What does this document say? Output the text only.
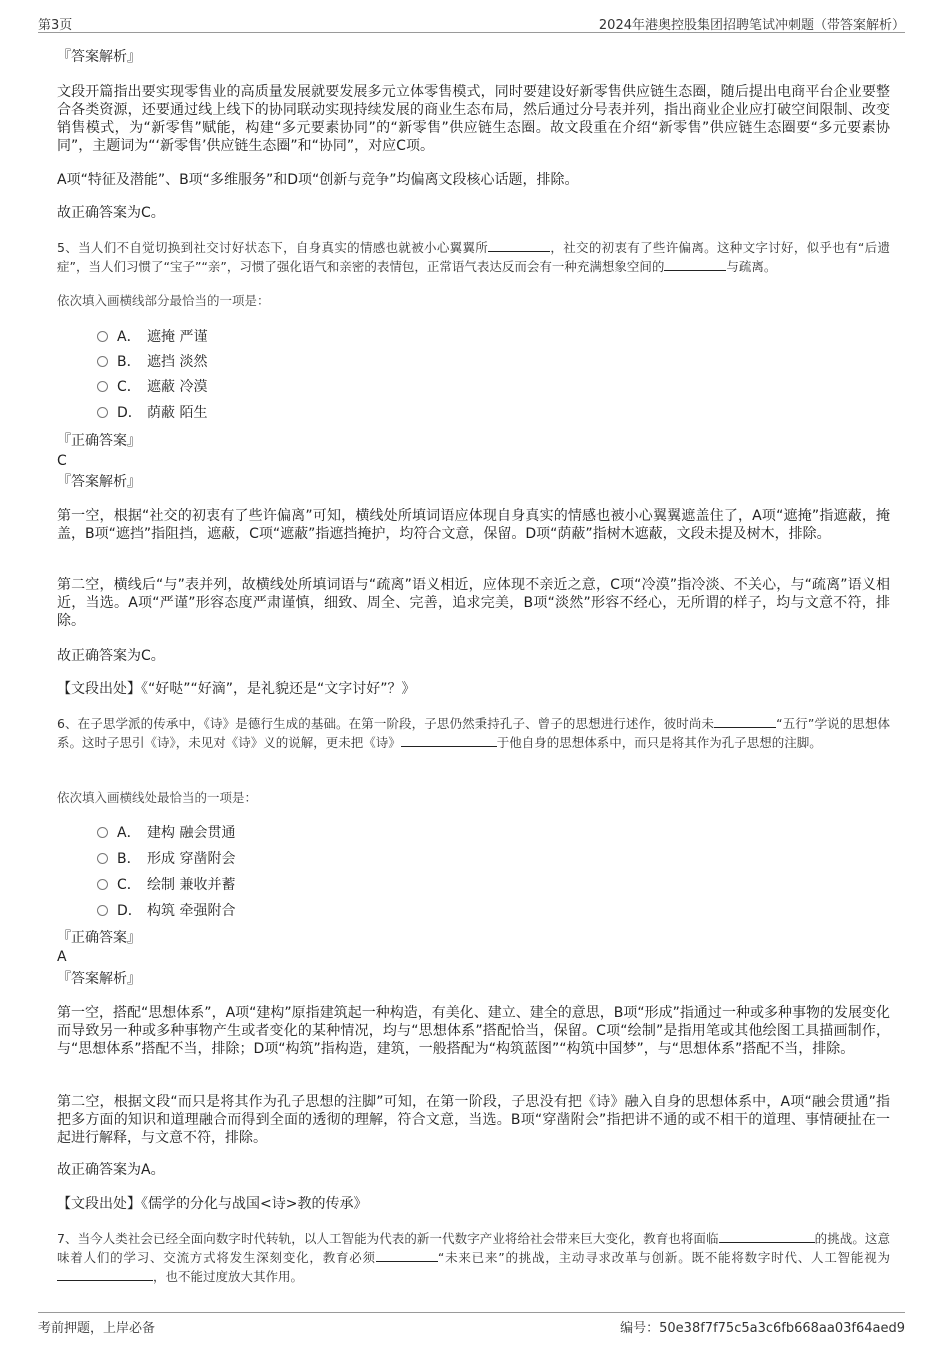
第3页	2024年港奥控股集团招聘笔试冲刺题（带答案解析）

『答案解析』

文段开篇指出要实现零售业的高质量发展就要发展多元立体零售模式，同时要建设好新零售供应链生态圈，随后提出电商平台企业要整合各类资源，还要通过线上线下的协同联动实现持续发展的商业生态布局，然后通过分号表并列，指出商业企业应打破空间限制、改变销售模式，为“新零售”赋能，构建“多元要素协同”的“新零售”供应链生态圈。故文段重在介绍“新零售”供应链生态圈要“多元要素协同”，主题词为“‘新零售’供应链生态圈”和“协同”，对应C项。

A项“特征及潜能”、B项“多维服务”和D项“创新与竞争”均偏离文段核心话题，排除。

故正确答案为C。

5、当人们不自觉切换到社交讨好状态下，自身真实的情感也就被小心翼翼所	，社交的初衷有了些许偏离。这种文字讨好，似乎也有“后遗症”，当人们习惯了“宝子”“亲”，习惯了强化语气和亲密的表情包，正常语气表达反而会有一种充满想象空间的	与疏离。

依次填入画横线部分最恰当的一项是：

A． 遮掩 严谨
B． 遮挡 淡然
C． 遮蔽 冷漠
D． 荫蔽 陌生

『正确答案』

C

『答案解析』

第一空，根据“社交的初衷有了些许偏离”可知，横线处所填词语应体现自身真实的情感也被小心翼翼遮盖住了，A项“遮掩”指遮蔽，掩盖，B项“遮挡”指阻挡，遮蔽，C项“遮蔽”指遮挡掩护，均符合文意，保留。D项“荫蔽”指树木遮蔽，文段未提及树木，排除。

第二空，横线后“与”表并列，故横线处所填词语与“疏离”语义相近，应体现不亲近之意，C项“冷漠”指冷淡、不关心，与“疏离”语义相近，当选。A项“严谨”形容态度严肃谨慎，细致、周全、完善，追求完美，B项“淡然”形容不经心，无所谓的样子，均与文意不符，排除。

故正确答案为C。

【文段出处】《“好哒”“好滴”，是礼貌还是“文字讨好”？》

6、在子思学派的传承中，《诗》是德行生成的基础。在第一阶段，子思仍然秉持孔子、曾子的思想进行述作，彼时尚未	“五行”学说的思想体系。这时子思引《诗》，未见对《诗》义的说解，更未把《诗》	于他自身的思想体系中，而只是将其作为孔子思想的注脚。

依次填入画横线处最恰当的一项是：

A． 建构 融会贯通
B． 形成 穿凿附会
C． 绘制 兼收并蓄
D． 构筑 牵强附合

『正确答案』

A

『答案解析』

第一空，搭配“思想体系”，A项“建构”原指建筑起一种构造，有美化、建立、建全的意思，B项“形成”指通过一种或多种事物的发展变化而导致另一种或多种事物产生或者变化的某种情况，均与“思想体系”搭配恰当，保留。C项“绘制”是指用笔或其他绘图工具描画制作，与“思想体系”搭配不当，排除；D项“构筑”指构造，建筑，一般搭配为“构筑蓝图”“构筑中国梦”，与“思想体系”搭配不当，排除。

第二空，根据文段“而只是将其作为孔子思想的注脚”可知，在第一阶段，子思没有把《诗》融入自身的思想体系中，A项“融会贯通”指把多方面的知识和道理融合而得到全面的透彻的理解，符合文意，当选。B项“穿凿附会”指把讲不通的或不相干的道理、事情硬扯在一起进行解释，与文意不符，排除。

故正确答案为A。

【文段出处】《儒学的分化与战国<诗>教的传承》

7、当今人类社会已经全面向数字时代转轨，以人工智能为代表的新一代数字产业将给社会带来巨大变化，教育也将面临	的挑战。这意味着人们的学习、交流方式将发生深刻变化，教育必须	“未来已来”的挑战，主动寻求改革与创新。既不能将数字时代、人工智能视为，也不能过度放大其作用。

考前押题，上岸必备	编号：50e38f7f75c5a3c6fb668aa03f64aed9
